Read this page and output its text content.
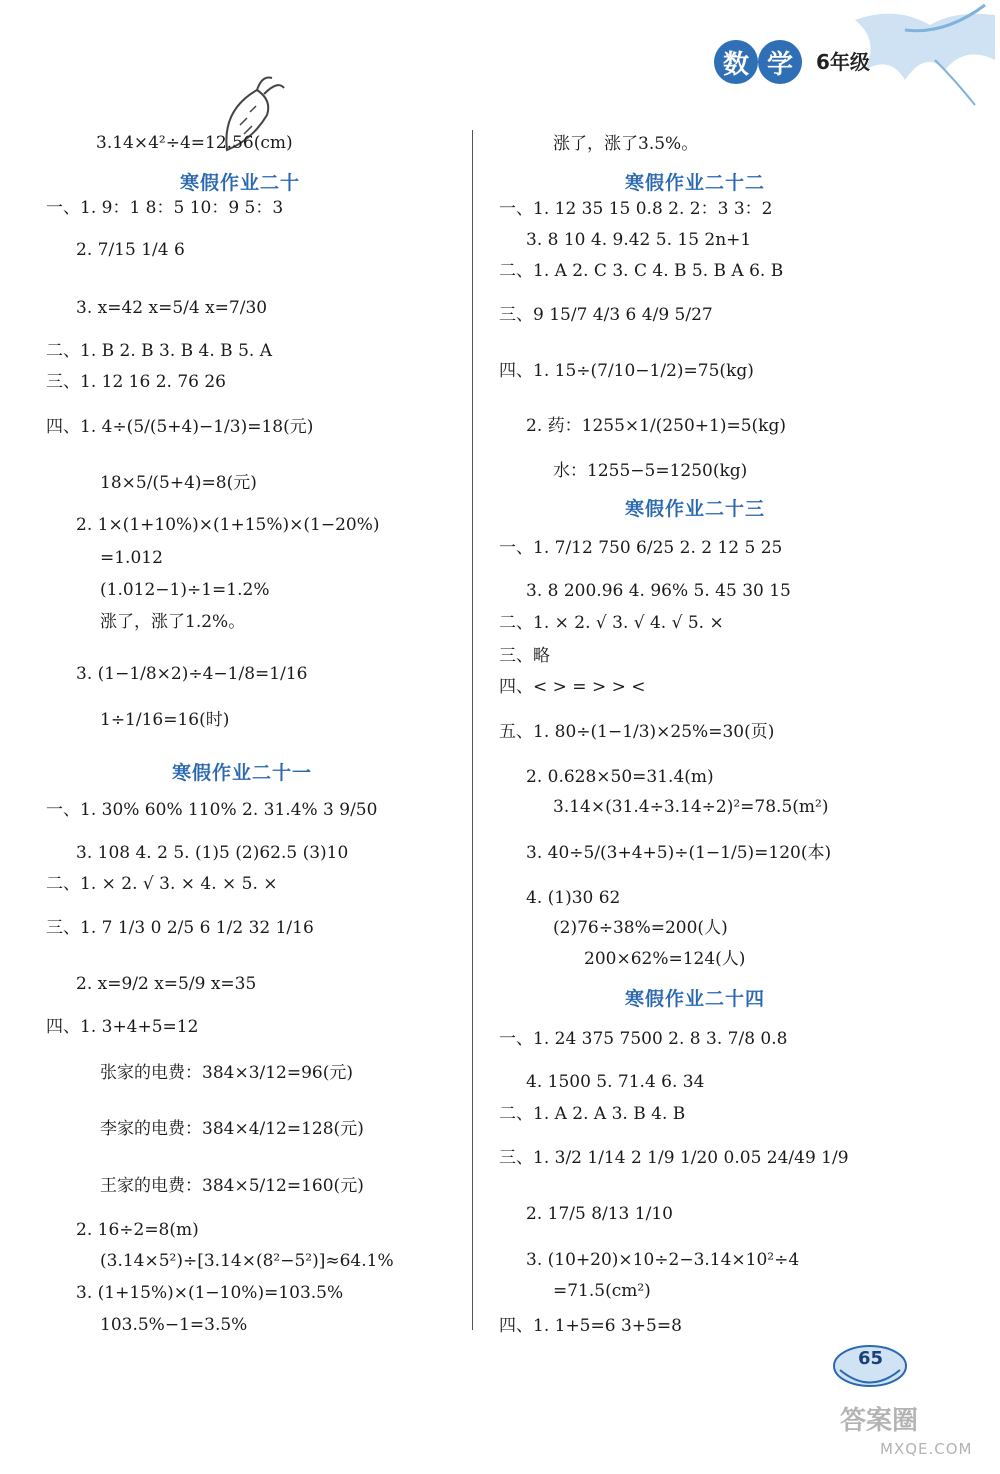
数 学	6年级
3.14×4²÷4=12.56(cm)
寒假作业二十
一、1. 9：1 8：5 10：9 5：3
2. 7/15 1/4 6
3. x=42 x=5/4 x=7/30
二、1. B 2. B 3. B 4. B 5. A
三、1. 12 16 2. 76 26
四、1. 4÷(5/(5+4)−1/3)=18(元)
18×5/(5+4)=8(元)
2. 1×(1+10%)×(1+15%)×(1−20%)
=1.012
(1.012−1)÷1=1.2%
涨了，涨了1.2%。
3. (1−1/8×2)÷4−1/8=1/16
1÷1/16=16(时)
寒假作业二十一
一、1. 30% 60% 110% 2. 31.4% 3 9/50
3. 108 4. 2 5. (1)5 (2)62.5 (3)10
二、1. × 2. √ 3. × 4. × 5. ×
三、1. 7 1/3 0 2/5 6 1/2 32 1/16
2. x=9/2 x=5/9 x=35
四、1. 3+4+5=12
张家的电费：384×3/12=96(元)
李家的电费：384×4/12=128(元)
王家的电费：384×5/12=160(元)
2. 16÷2=8(m)
(3.14×5²)÷[3.14×(8²−5²)]≈64.1%
3. (1+15%)×(1−10%)=103.5%
103.5%−1=3.5%
涨了，涨了3.5%。
寒假作业二十二
一、1. 12 35 15 0.8 2. 2：3 3：2
3. 8 10 4. 9.42 5. 15 2n+1
二、1. A 2. C 3. C 4. B 5. B A 6. B
三、9 15/7 4/3 6 4/9 5/27
四、1. 15÷(7/10−1/2)=75(kg)
2. 药：1255×1/(250+1)=5(kg)
水：1255−5=1250(kg)
寒假作业二十三
一、1. 7/12 750 6/25 2. 2 12 5 25
3. 8 200.96 4. 96% 5. 45 30 15
二、1. × 2. √ 3. √ 4. √ 5. ×
三、略
四、< > = > > <
五、1. 80÷(1−1/3)×25%=30(页)
2. 0.628×50=31.4(m)
3.14×(31.4÷3.14÷2)²=78.5(m²)
3. 40÷5/(3+4+5)÷(1−1/5)=120(本)
4. (1)30 62
(2)76÷38%=200(人)
200×62%=124(人)
寒假作业二十四
一、1. 24 375 7500 2. 8 3. 7/8 0.8
4. 1500 5. 71.4 6. 34
二、1. A 2. A 3. B 4. B
三、1. 3/2 1/14 2 1/9 1/20 0.05 24/49 1/9
2. 17/5 8/13 1/10
3. (10+20)×10÷2−3.14×10²÷4
=71.5(cm²)
四、1. 1+5=6 3+5=8
65
答案圈
MXQE.COM
